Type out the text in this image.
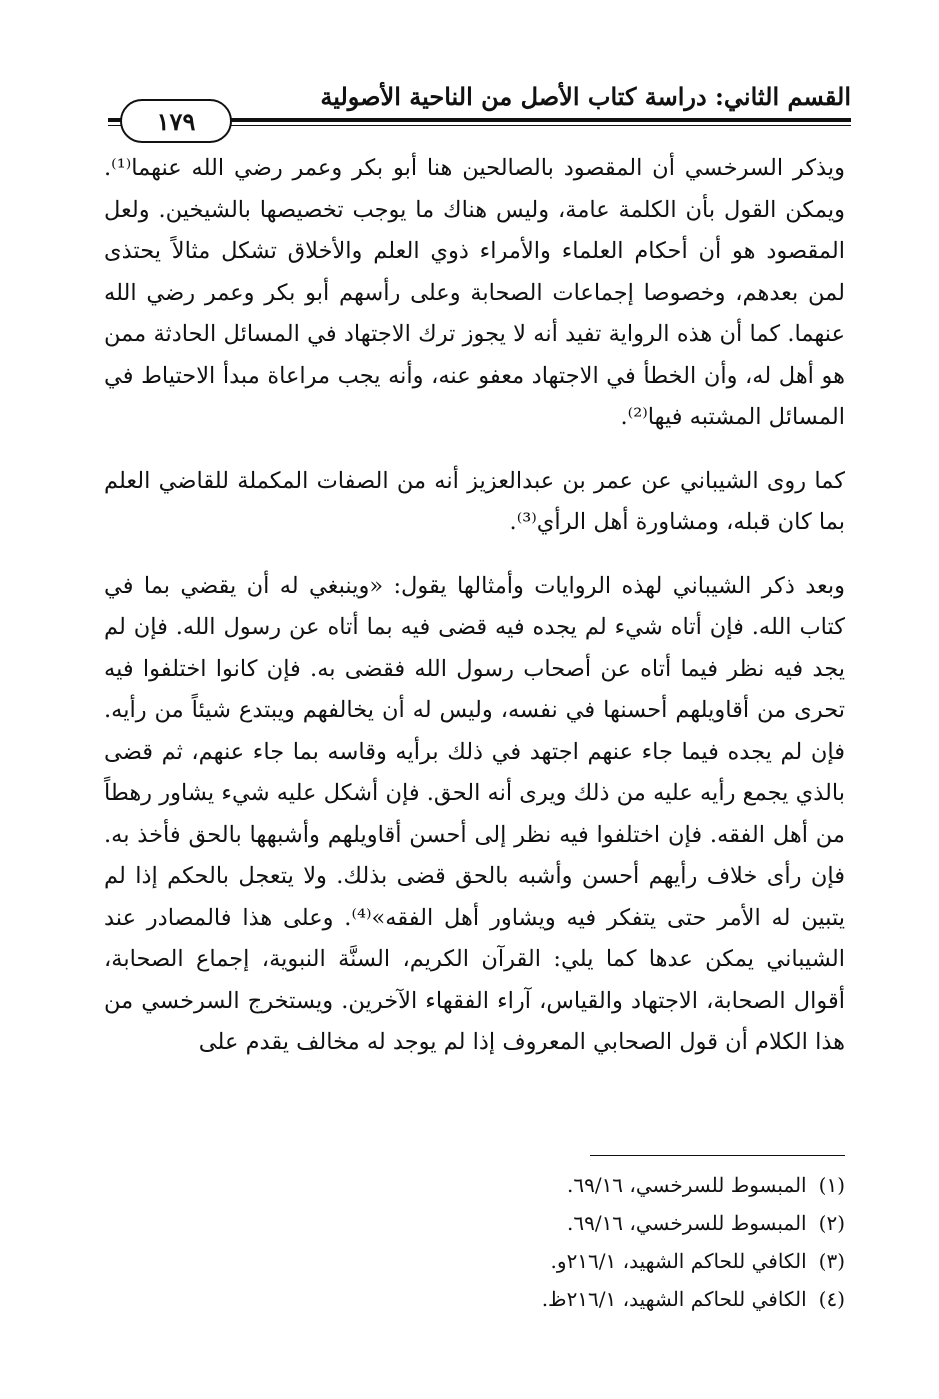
القسم الثاني: دراسة كتاب الأصل من الناحية الأصولية
١٧٩

ويذكر السرخسي أن المقصود بالصالحين هنا أبو بكر وعمر رضي الله عنهما⁽¹⁾. ويمكن القول بأن الكلمة عامة، وليس هناك ما يوجب تخصيصها بالشيخين. ولعل المقصود هو أن أحكام العلماء والأمراء ذوي العلم والأخلاق تشكل مثالاً يحتذى لمن بعدهم، وخصوصا إجماعات الصحابة وعلى رأسهم أبو بكر وعمر رضي الله عنهما. كما أن هذه الرواية تفيد أنه لا يجوز ترك الاجتهاد في المسائل الحادثة ممن هو أهل له، وأن الخطأ في الاجتهاد معفو عنه، وأنه يجب مراعاة مبدأ الاحتياط في المسائل المشتبه فيها⁽²⁾.

كما روى الشيباني عن عمر بن عبدالعزيز أنه من الصفات المكملة للقاضي العلم بما كان قبله، ومشاورة أهل الرأي⁽³⁾.

وبعد ذكر الشيباني لهذه الروايات وأمثالها يقول: «وينبغي له أن يقضي بما في كتاب الله. فإن أتاه شيء لم يجده فيه قضى فيه بما أتاه عن رسول الله. فإن لم يجد فيه نظر فيما أتاه عن أصحاب رسول الله فقضى به. فإن كانوا اختلفوا فيه تحرى من أقاويلهم أحسنها في نفسه، وليس له أن يخالفهم ويبتدع شيئاً من رأيه. فإن لم يجده فيما جاء عنهم اجتهد في ذلك برأيه وقاسه بما جاء عنهم، ثم قضى بالذي يجمع رأيه عليه من ذلك ويرى أنه الحق. فإن أشكل عليه شيء يشاور رهطاً من أهل الفقه. فإن اختلفوا فيه نظر إلى أحسن أقاويلهم وأشبهها بالحق فأخذ به. فإن رأى خلاف رأيهم أحسن وأشبه بالحق قضى بذلك. ولا يتعجل بالحكم إذا لم يتبين له الأمر حتى يتفكر فيه ويشاور أهل الفقه»⁽⁴⁾. وعلى هذا فالمصادر عند الشيباني يمكن عدها كما يلي: القرآن الكريم، السنَّة النبوية، إجماع الصحابة، أقوال الصحابة، الاجتهاد والقياس، آراء الفقهاء الآخرين. ويستخرج السرخسي من هذا الكلام أن قول الصحابي المعروف إذا لم يوجد له مخالف يقدم على

(١)المبسوط للسرخسي، ٦٩/١٦.
(٢)المبسوط للسرخسي، ٦٩/١٦.
(٣)الكافي للحاكم الشهيد، ٢١٦/١و.
(٤)الكافي للحاكم الشهيد، ٢١٦/١ظ.
